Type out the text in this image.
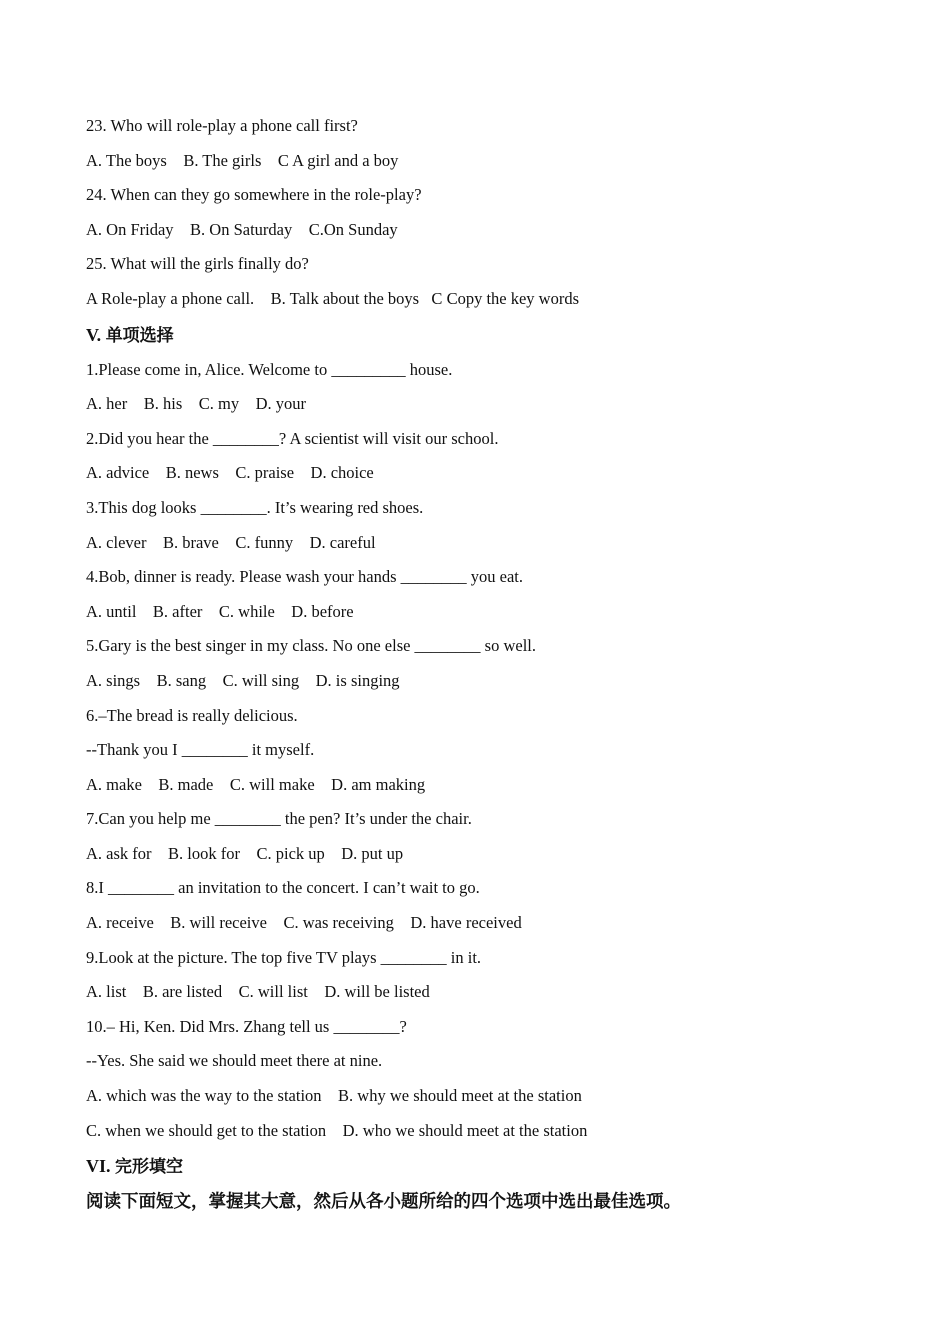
23. Who will role-play a phone call first?
A. The boys    B. The girls    C A girl and a boy
24. When can they go somewhere in the role-play?
A. On Friday    B. On Saturday    C.On Sunday
25. What will the girls finally do?
A Role-play a phone call.    B. Talk about the boys   C Copy the key words
V. 单项选择
1.Please come in, Alice. Welcome to _________ house.
A. her    B. his    C. my    D. your
2.Did you hear the ________? A scientist will visit our school.
A. advice    B. news    C. praise    D. choice
3.This dog looks ________. It’s wearing red shoes.
A. clever    B. brave    C. funny    D. careful
4.Bob, dinner is ready. Please wash your hands ________ you eat.
A. until    B. after    C. while    D. before
5.Gary is the best singer in my class. No one else ________ so well.
A. sings    B. sang    C. will sing    D. is singing
6.–The bread is really delicious.
--Thank you I ________ it myself.
A. make    B. made    C. will make    D. am making
7.Can you help me ________ the pen? It’s under the chair.
A. ask for    B. look for    C. pick up    D. put up
8.I ________ an invitation to the concert. I can’t wait to go.
A. receive    B. will receive    C. was receiving    D. have received
9.Look at the picture. The top five TV plays ________ in it.
A. list    B. are listed    C. will list    D. will be listed
10.– Hi, Ken. Did Mrs. Zhang tell us ________?
--Yes. She said we should meet there at nine.
A. which was the way to the station    B. why we should meet at the station
C. when we should get to the station    D. who we should meet at the station
VI. 完形填空
阅读下面短文，掌握其大意，然后从各小题所给的四个选项中选出最佳选项。
